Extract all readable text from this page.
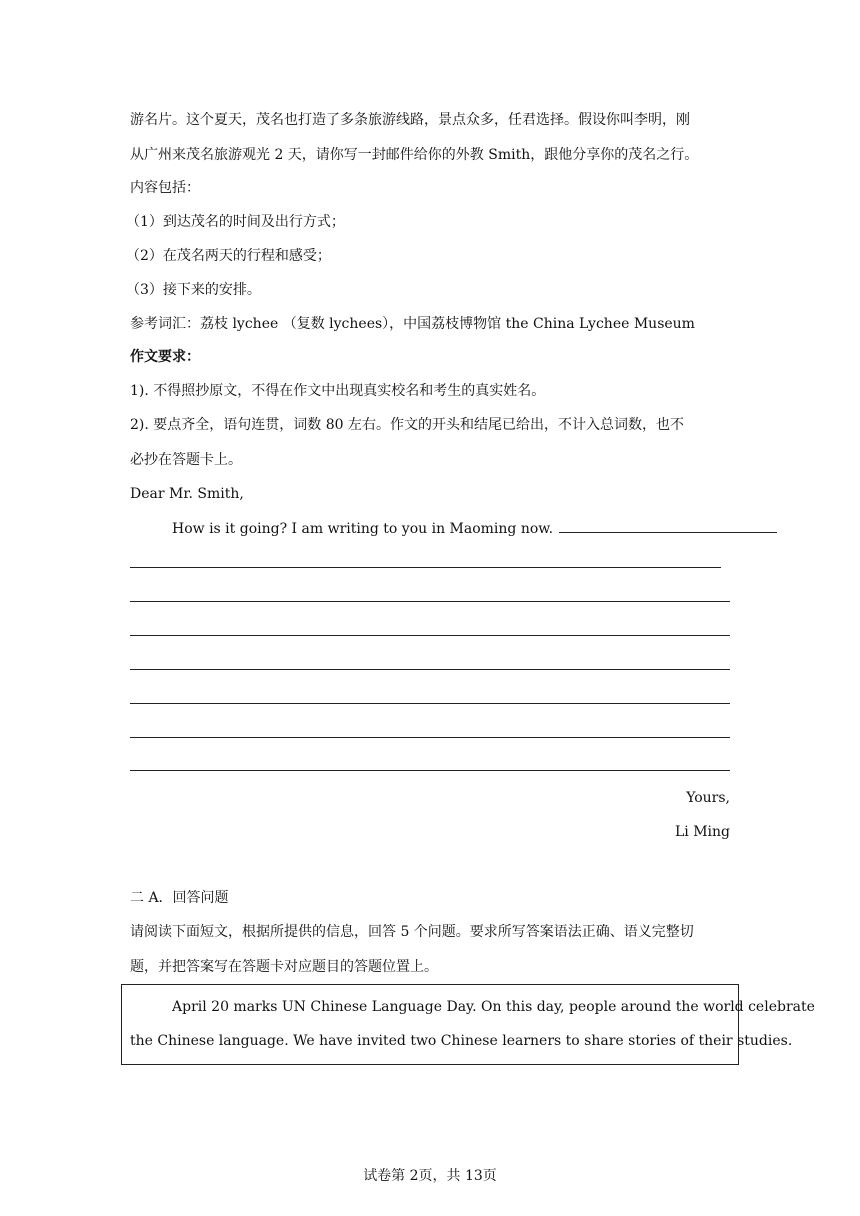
游名片。这个夏天，茂名也打造了多条旅游线路，景点众多，任君选择。假设你叫李明，刚
从广州来茂名旅游观光 2 天，请你写一封邮件给你的外教 Smith，跟他分享你的茂名之行。
内容包括：
（1）到达茂名的时间及出行方式；
（2）在茂名两天的行程和感受；
（3）接下来的安排。
参考词汇：荔枝 lychee （复数 lychees），中国荔枝博物馆 the China Lychee Museum
作文要求：
1). 不得照抄原文，不得在作文中出现真实校名和考生的真实姓名。
2). 要点齐全，语句连贯，词数 80 左右。作文的开头和结尾已给出，不计入总词数，也不
必抄在答题卡上。
Dear Mr. Smith,
How is it going? I am writing to you in Maoming now.
Yours,
Li Ming
二 A．回答问题
请阅读下面短文，根据所提供的信息，回答 5 个问题。要求所写答案语法正确、语义完整切
题，并把答案写在答题卡对应题目的答题位置上。
April 20 marks UN Chinese Language Day. On this day, people around the world celebrate
the Chinese language. We have invited two Chinese learners to share stories of their studies.
试卷第 2页，共 13页
